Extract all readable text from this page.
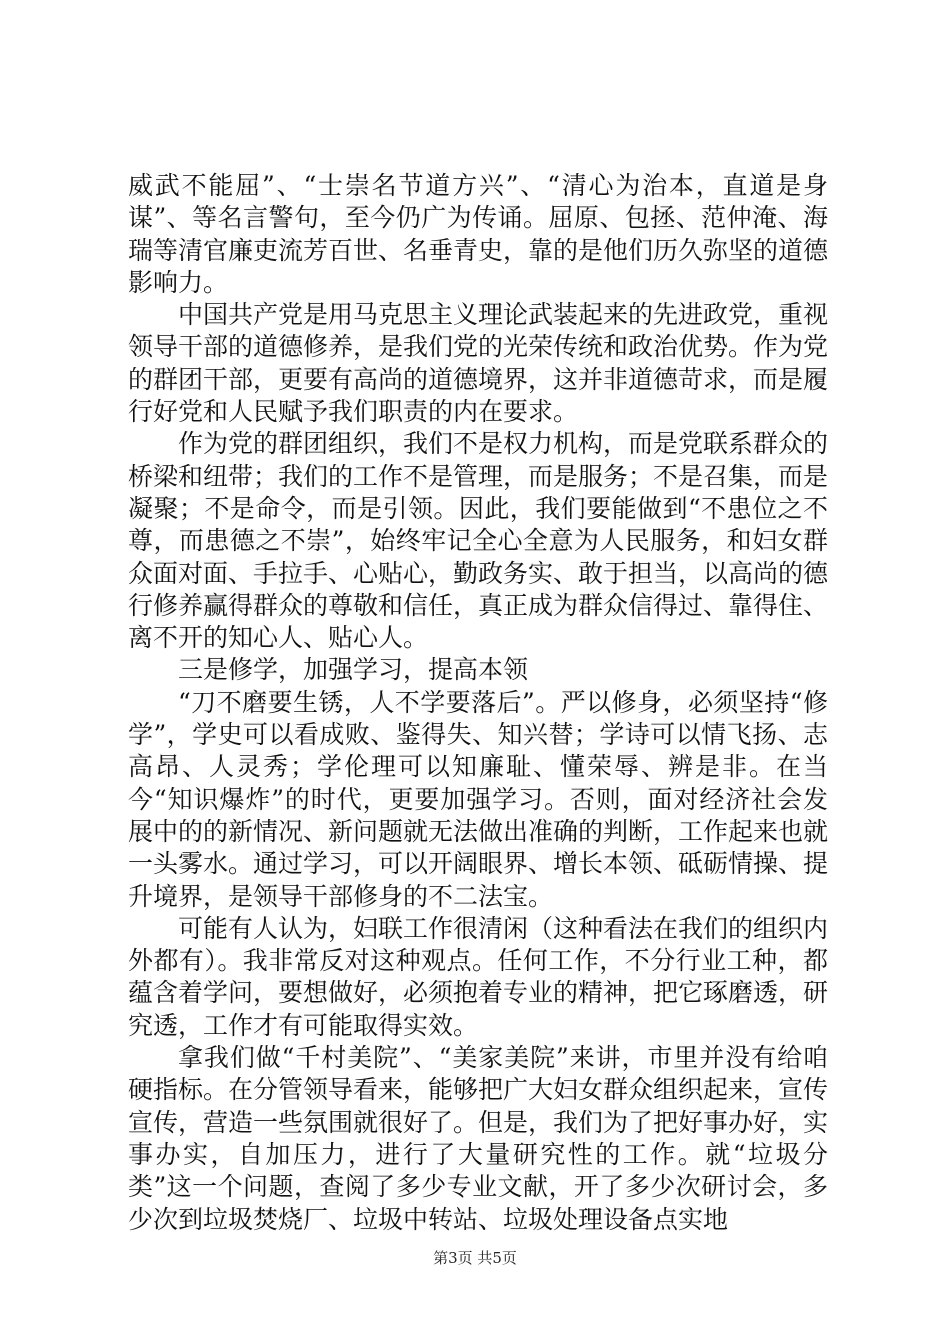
威武不能屈”、“士崇名节道方兴”、“清心为治本，直道是身谋”、等名言警句，至今仍广为传诵。屈原、包拯、范仲淹、海瑞等清官廉吏流芳百世、名垂青史，靠的是他们历久弥坚的道德影响力。

中国共产党是用马克思主义理论武装起来的先进政党，重视领导干部的道德修养，是我们党的光荣传统和政治优势。作为党的群团干部，更要有高尚的道德境界，这并非道德苛求，而是履行好党和人民赋予我们职责的内在要求。

作为党的群团组织，我们不是权力机构，而是党联系群众的桥梁和纽带；我们的工作不是管理，而是服务；不是召集，而是凝聚；不是命令，而是引领。因此，我们要能做到“不患位之不尊，而患德之不崇”，始终牢记全心全意为人民服务，和妇女群众面对面、手拉手、心贴心，勤政务实、敢于担当，以高尚的德行修养赢得群众的尊敬和信任，真正成为群众信得过、靠得住、离不开的知心人、贴心人。

三是修学，加强学习，提高本领

“刀不磨要生锈，人不学要落后”。严以修身，必须坚持“修学”，学史可以看成败、鉴得失、知兴替；学诗可以情飞扬、志高昂、人灵秀；学伦理可以知廉耻、懂荣辱、辨是非。在当今“知识爆炸”的时代，更要加强学习。否则，面对经济社会发展中的的新情况、新问题就无法做出准确的判断，工作起来也就一头雾水。通过学习，可以开阔眼界、增长本领、砥砺情操、提升境界，是领导干部修身的不二法宝。

可能有人认为，妇联工作很清闲（这种看法在我们的组织内外都有）。我非常反对这种观点。任何工作，不分行业工种，都蕴含着学问，要想做好，必须抱着专业的精神，把它琢磨透，研究透，工作才有可能取得实效。

拿我们做“千村美院”、“美家美院”来讲，市里并没有给咱硬指标。在分管领导看来，能够把广大妇女群众组织起来，宣传宣传，营造一些氛围就很好了。但是，我们为了把好事办好，实事办实，自加压力，进行了大量研究性的工作。就“垃圾分类”这一个问题，查阅了多少专业文献，开了多少次研讨会，多少次到垃圾焚烧厂、垃圾中转站、垃圾处理设备点实地

第3页 共5页
